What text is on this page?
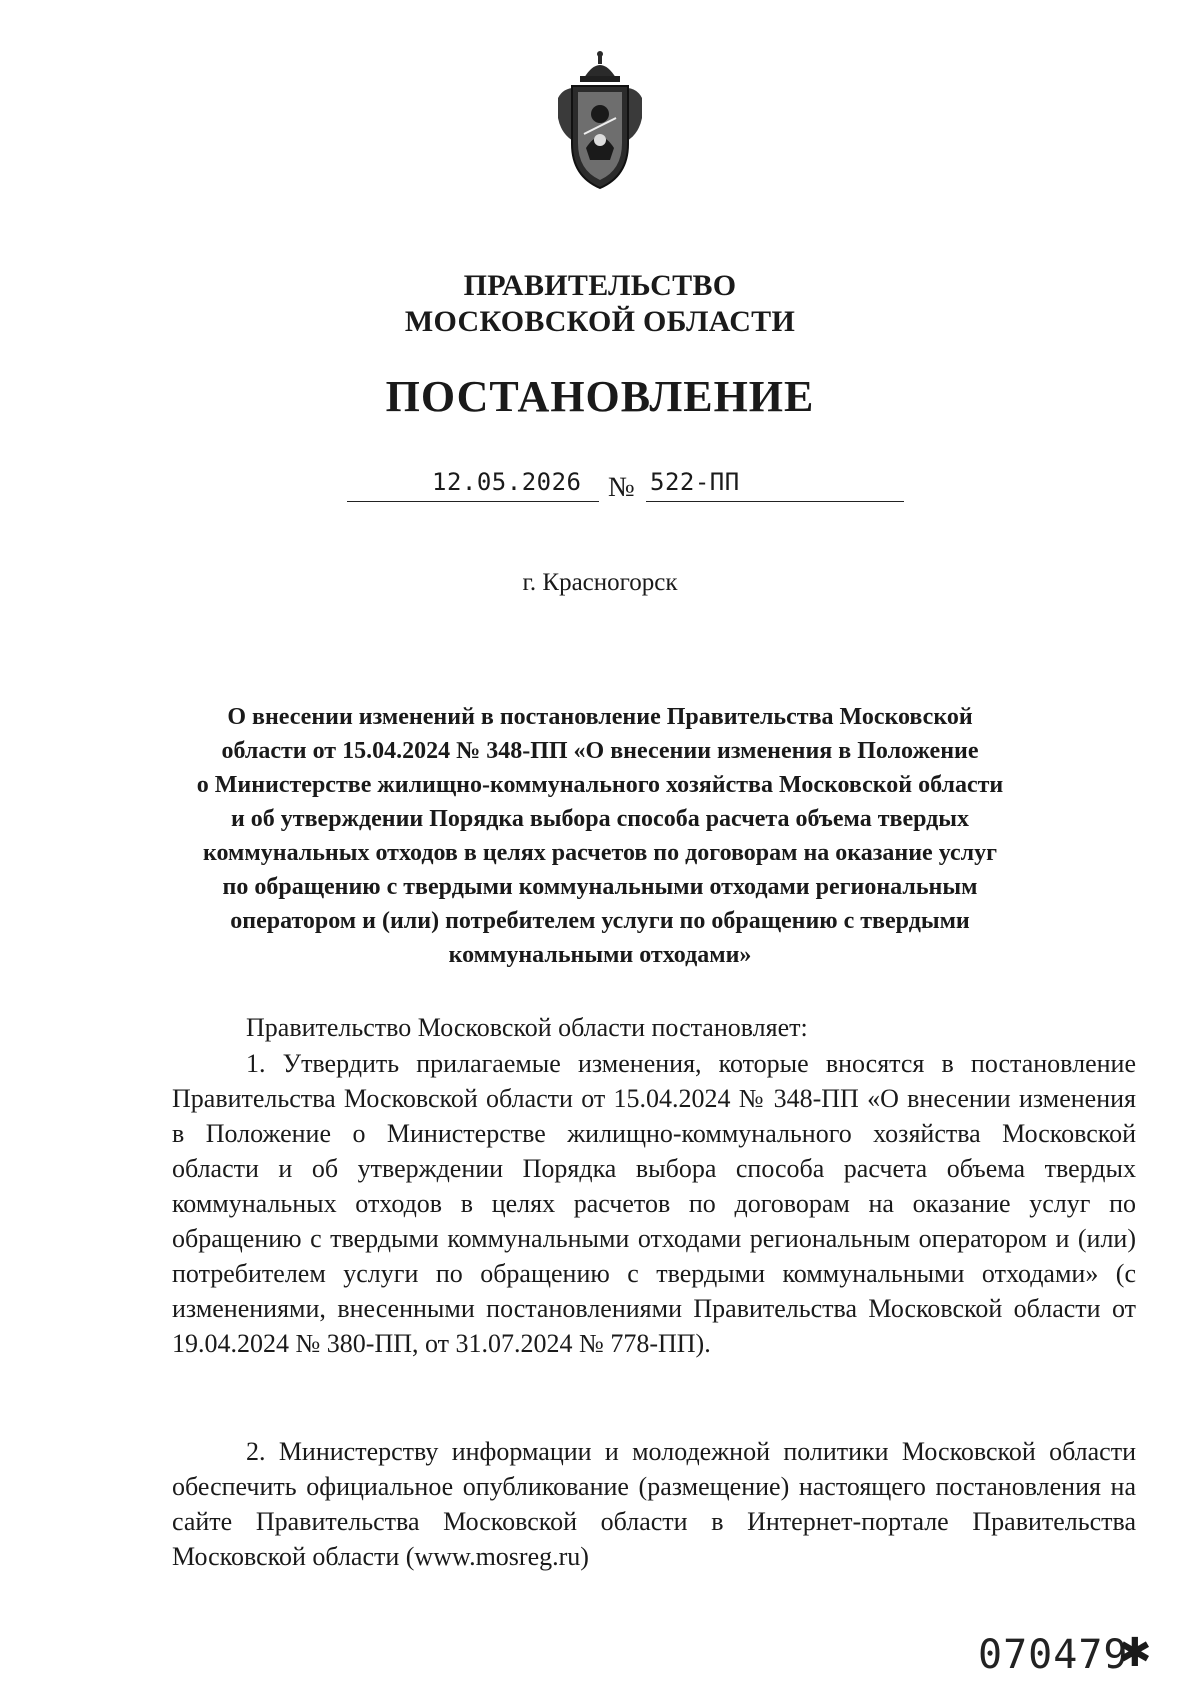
ПРАВИТЕЛЬСТВО
МОСКОВСКОЙ ОБЛАСТИ
ПОСТАНОВЛЕНИЕ
12.05.2026 № 522-ПП
г. Красногорск
О внесении изменений в постановление Правительства Московской
области от 15.04.2024 № 348-ПП «О внесении изменения в Положение
о Министерстве жилищно-коммунального хозяйства Московской области
и об утверждении Порядка выбора способа расчета объема твердых
коммунальных отходов в целях расчетов по договорам на оказание услуг
по обращению с твердыми коммунальными отходами региональным
оператором и (или) потребителем услуги по обращению с твердыми
коммунальными отходами»
Правительство Московской области постановляет:
1. Утвердить прилагаемые изменения, которые вносятся в постановление Правительства Московской области от 15.04.2024 № 348-ПП «О внесении изменения в Положение о Министерстве жилищно-коммунального хозяйства Московской области и об утверждении Порядка выбора способа расчета объема твердых коммунальных отходов в целях расчетов по договорам на оказание услуг по обращению с твердыми коммунальными отходами региональным оператором и (или) потребителем услуги по обращению с твердыми коммунальными отходами» (с изменениями, внесенными постановлениями Правительства Московской области от 19.04.2024 № 380-ПП, от 31.07.2024 № 778-ПП).
2. Министерству информации и молодежной политики Московской области обеспечить официальное опубликование (размещение) настоящего постановления на сайте Правительства Московской области в Интернет-портале Правительства Московской области (www.mosreg.ru)
070479
✱
